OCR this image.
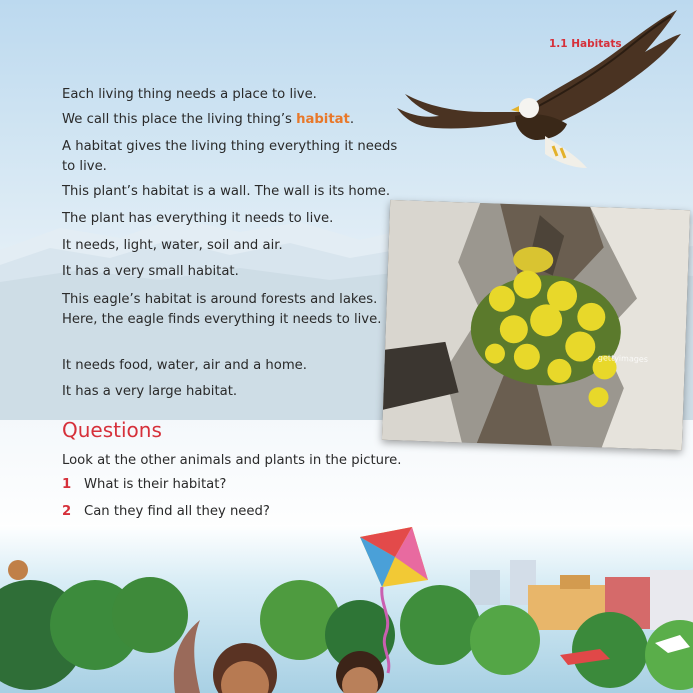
1.1 Habitats
Each living thing needs a place to live.
We call this place the living thing’s habitat.
A habitat gives the living thing everything it needs to live.
This plant’s habitat is a wall. The wall is its home.
The plant has everything it needs to live.
It needs, light, water, soil and air.
It has a very small habitat.
This eagle’s habitat is around forests and lakes. Here, the eagle finds everything it needs to live.
It needs food, water, air and a home.
It has a very large habitat.
gettyimages
Questions
Look at the other animals and plants in the picture.
1 What is their habitat?
2 Can they find all they need?
